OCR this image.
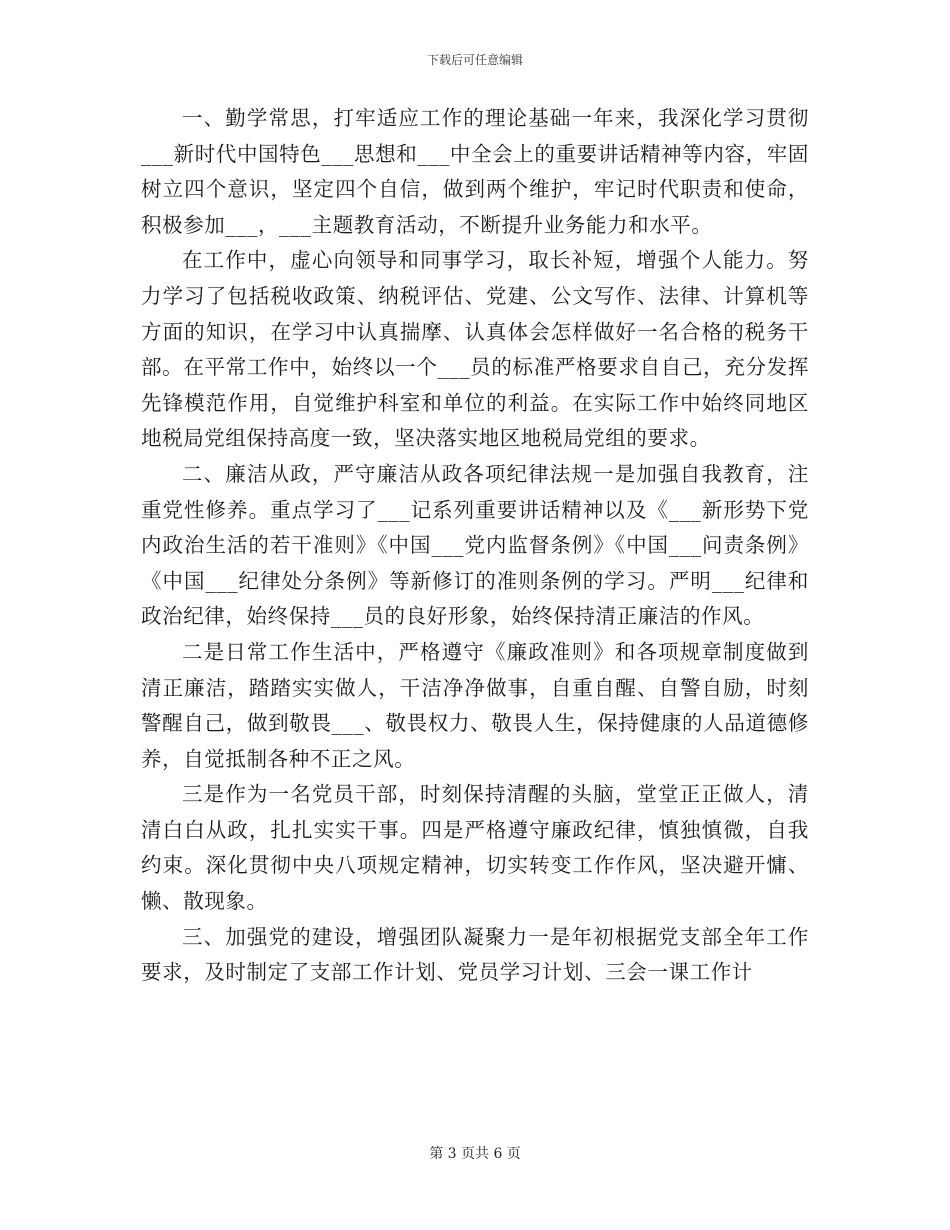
下载后可任意编辑

一、勤学常思，打牢适应工作的理论基础一年来，我深化学习贯彻___新时代中国特色___思想和___中全会上的重要讲话精神等内容，牢固树立四个意识，坚定四个自信，做到两个维护，牢记时代职责和使命，积极参加___，___主题教育活动，不断提升业务能力和水平。

在工作中，虚心向领导和同事学习，取长补短，增强个人能力。努力学习了包括税收政策、纳税评估、党建、公文写作、法律、计算机等方面的知识，在学习中认真揣摩、认真体会怎样做好一名合格的税务干部。在平常工作中，始终以一个___员的标准严格要求自自己，充分发挥先锋模范作用，自觉维护科室和单位的利益。在实际工作中始终同地区地税局党组保持高度一致，坚决落实地区地税局党组的要求。

二、廉洁从政，严守廉洁从政各项纪律法规一是加强自我教育，注重党性修养。重点学习了___记系列重要讲话精神以及《___新形势下党内政治生活的若干准则》《中国___党内监督条例》《中国___问责条例》《中国___纪律处分条例》等新修订的准则条例的学习。严明___纪律和政治纪律，始终保持___员的良好形象，始终保持清正廉洁的作风。

二是日常工作生活中，严格遵守《廉政准则》和各项规章制度做到清正廉洁，踏踏实实做人，干洁净净做事，自重自醒、自警自励，时刻警醒自己，做到敬畏___、敬畏权力、敬畏人生，保持健康的人品道德修养，自觉抵制各种不正之风。

三是作为一名党员干部，时刻保持清醒的头脑，堂堂正正做人，清清白白从政，扎扎实实干事。四是严格遵守廉政纪律，慎独慎微，自我约束。深化贯彻中央八项规定精神，切实转变工作作风，坚决避开慵、懒、散现象。

三、加强党的建设，增强团队凝聚力一是年初根据党支部全年工作要求，及时制定了支部工作计划、党员学习计划、三会一课工作计

第 3 页共 6 页
